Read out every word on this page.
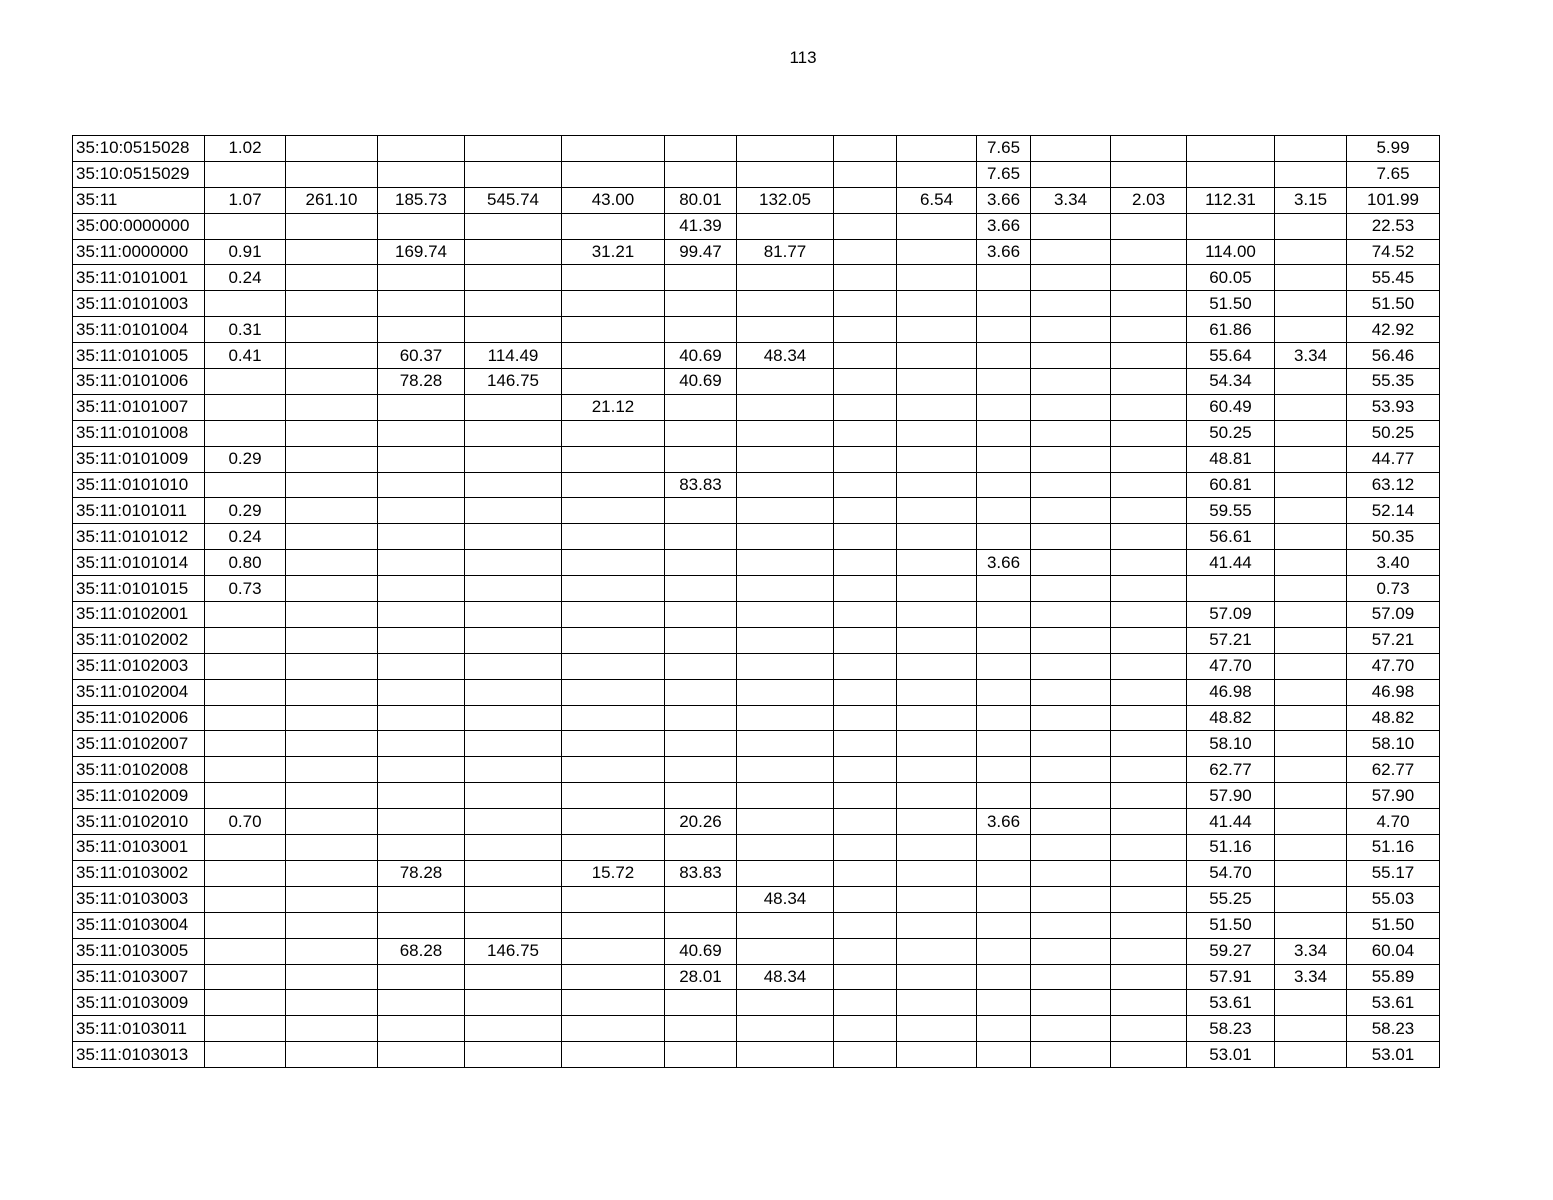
113
35:10:0515028	1.02									7.65					5.99
35:10:0515029										7.65					7.65
35:11	1.07	261.10	185.73	545.74	43.00	80.01	132.05		6.54	3.66	3.34	2.03	112.31	3.15	101.99
35:00:0000000						41.39				3.66					22.53
35:11:0000000	0.91		169.74		31.21	99.47	81.77			3.66			114.00		74.52
35:11:0101001	0.24												60.05		55.45
35:11:0101003													51.50		51.50
35:11:0101004	0.31												61.86		42.92
35:11:0101005	0.41		60.37	114.49		40.69	48.34						55.64	3.34	56.46
35:11:0101006			78.28	146.75		40.69							54.34		55.35
35:11:0101007					21.12								60.49		53.93
35:11:0101008													50.25		50.25
35:11:0101009	0.29												48.81		44.77
35:11:0101010						83.83							60.81		63.12
35:11:0101011	0.29												59.55		52.14
35:11:0101012	0.24												56.61		50.35
35:11:0101014	0.80									3.66			41.44		3.40
35:11:0101015	0.73														0.73
35:11:0102001													57.09		57.09
35:11:0102002													57.21		57.21
35:11:0102003													47.70		47.70
35:11:0102004													46.98		46.98
35:11:0102006													48.82		48.82
35:11:0102007													58.10		58.10
35:11:0102008													62.77		62.77
35:11:0102009													57.90		57.90
35:11:0102010	0.70					20.26				3.66			41.44		4.70
35:11:0103001													51.16		51.16
35:11:0103002			78.28		15.72	83.83							54.70		55.17
35:11:0103003							48.34						55.25		55.03
35:11:0103004													51.50		51.50
35:11:0103005			68.28	146.75		40.69							59.27	3.34	60.04
35:11:0103007						28.01	48.34						57.91	3.34	55.89
35:11:0103009													53.61		53.61
35:11:0103011													58.23		58.23
35:11:0103013													53.01		53.01
